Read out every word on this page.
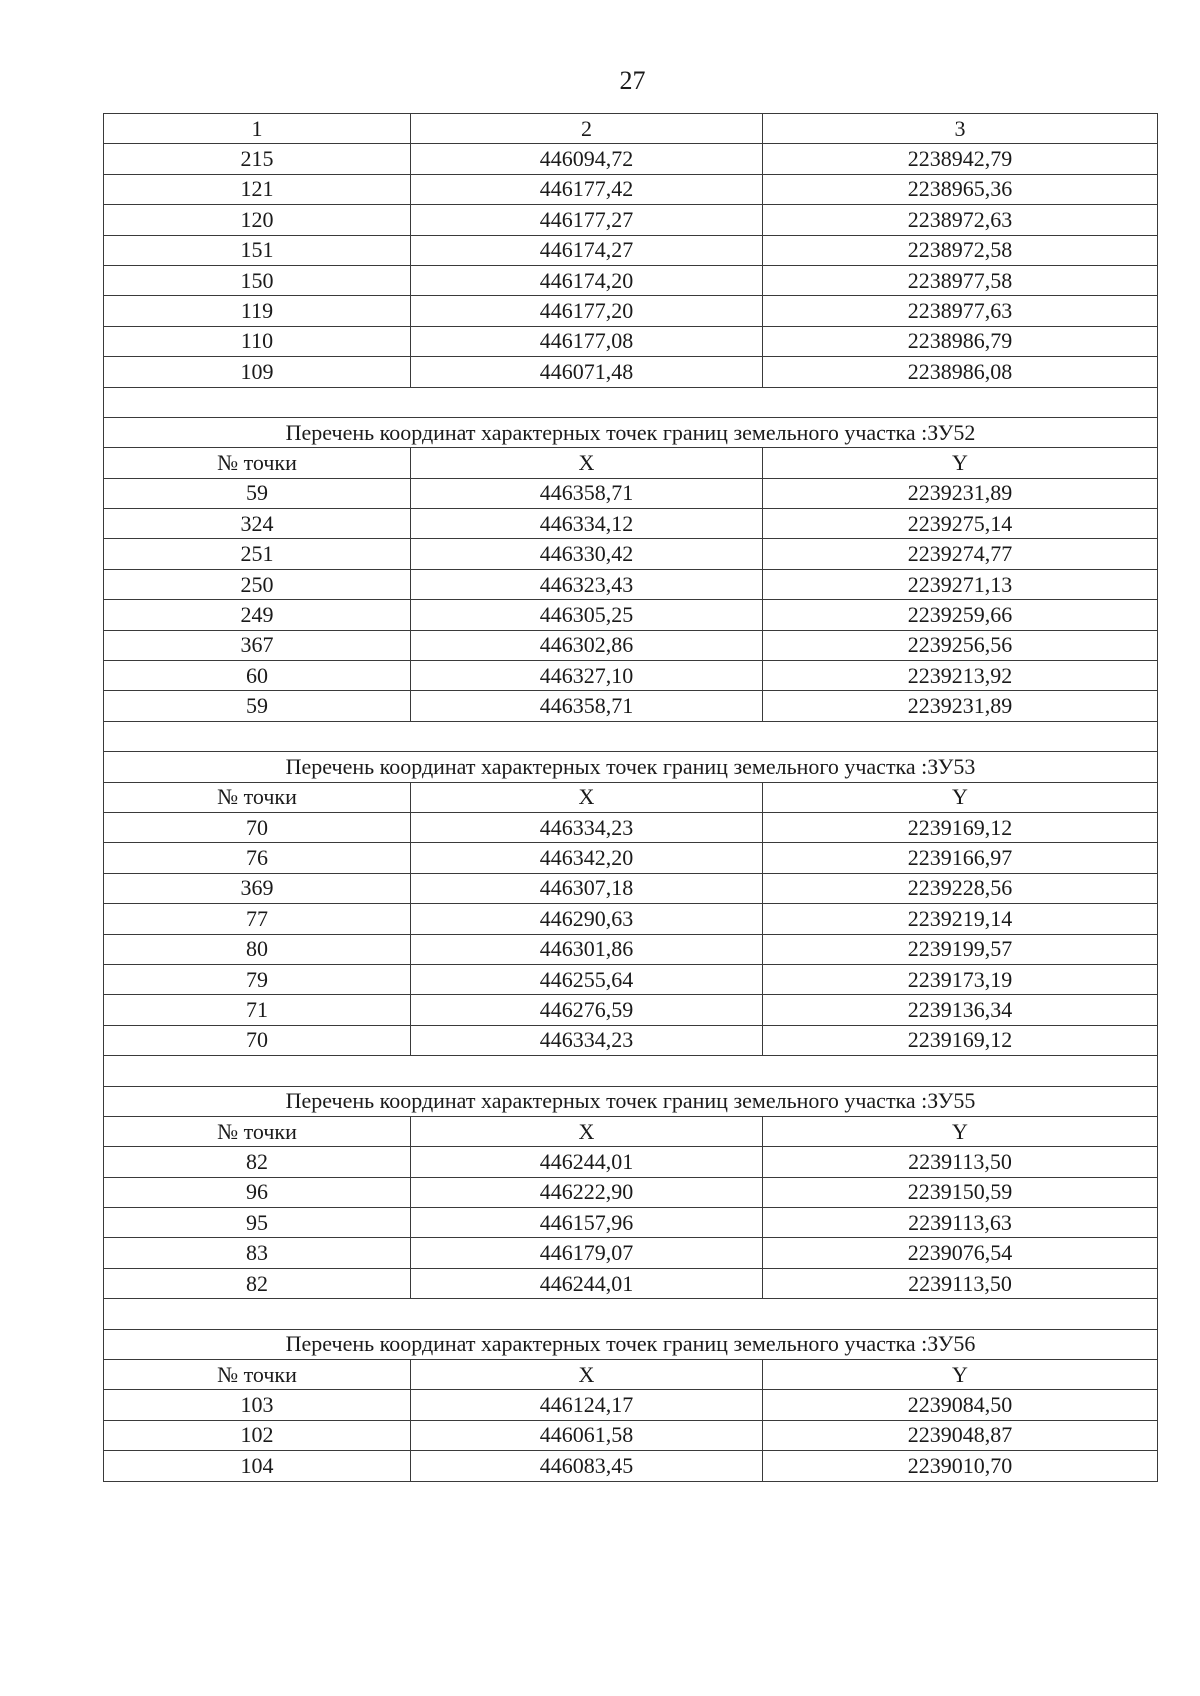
27
1	2	3
215	446094,72	2238942,79
121	446177,42	2238965,36
120	446177,27	2238972,63
151	446174,27	2238972,58
150	446174,20	2238977,58
119	446177,20	2238977,63
110	446177,08	2238986,79
109	446071,48	2238986,08

Перечень координат характерных точек границ земельного участка :ЗУ52		
№ точки	X	Y
59	446358,71	2239231,89
324	446334,12	2239275,14
251	446330,42	2239274,77
250	446323,43	2239271,13
249	446305,25	2239259,66
367	446302,86	2239256,56
60	446327,10	2239213,92
59	446358,71	2239231,89

Перечень координат характерных точек границ земельного участка :ЗУ53		
№ точки	X	Y
70	446334,23	2239169,12
76	446342,20	2239166,97
369	446307,18	2239228,56
77	446290,63	2239219,14
80	446301,86	2239199,57
79	446255,64	2239173,19
71	446276,59	2239136,34
70	446334,23	2239169,12

Перечень координат характерных точек границ земельного участка :ЗУ55		
№ точки	X	Y
82	446244,01	2239113,50
96	446222,90	2239150,59
95	446157,96	2239113,63
83	446179,07	2239076,54
82	446244,01	2239113,50

Перечень координат характерных точек границ земельного участка :ЗУ56		
№ точки	X	Y
103	446124,17	2239084,50
102	446061,58	2239048,87
104	446083,45	2239010,70
